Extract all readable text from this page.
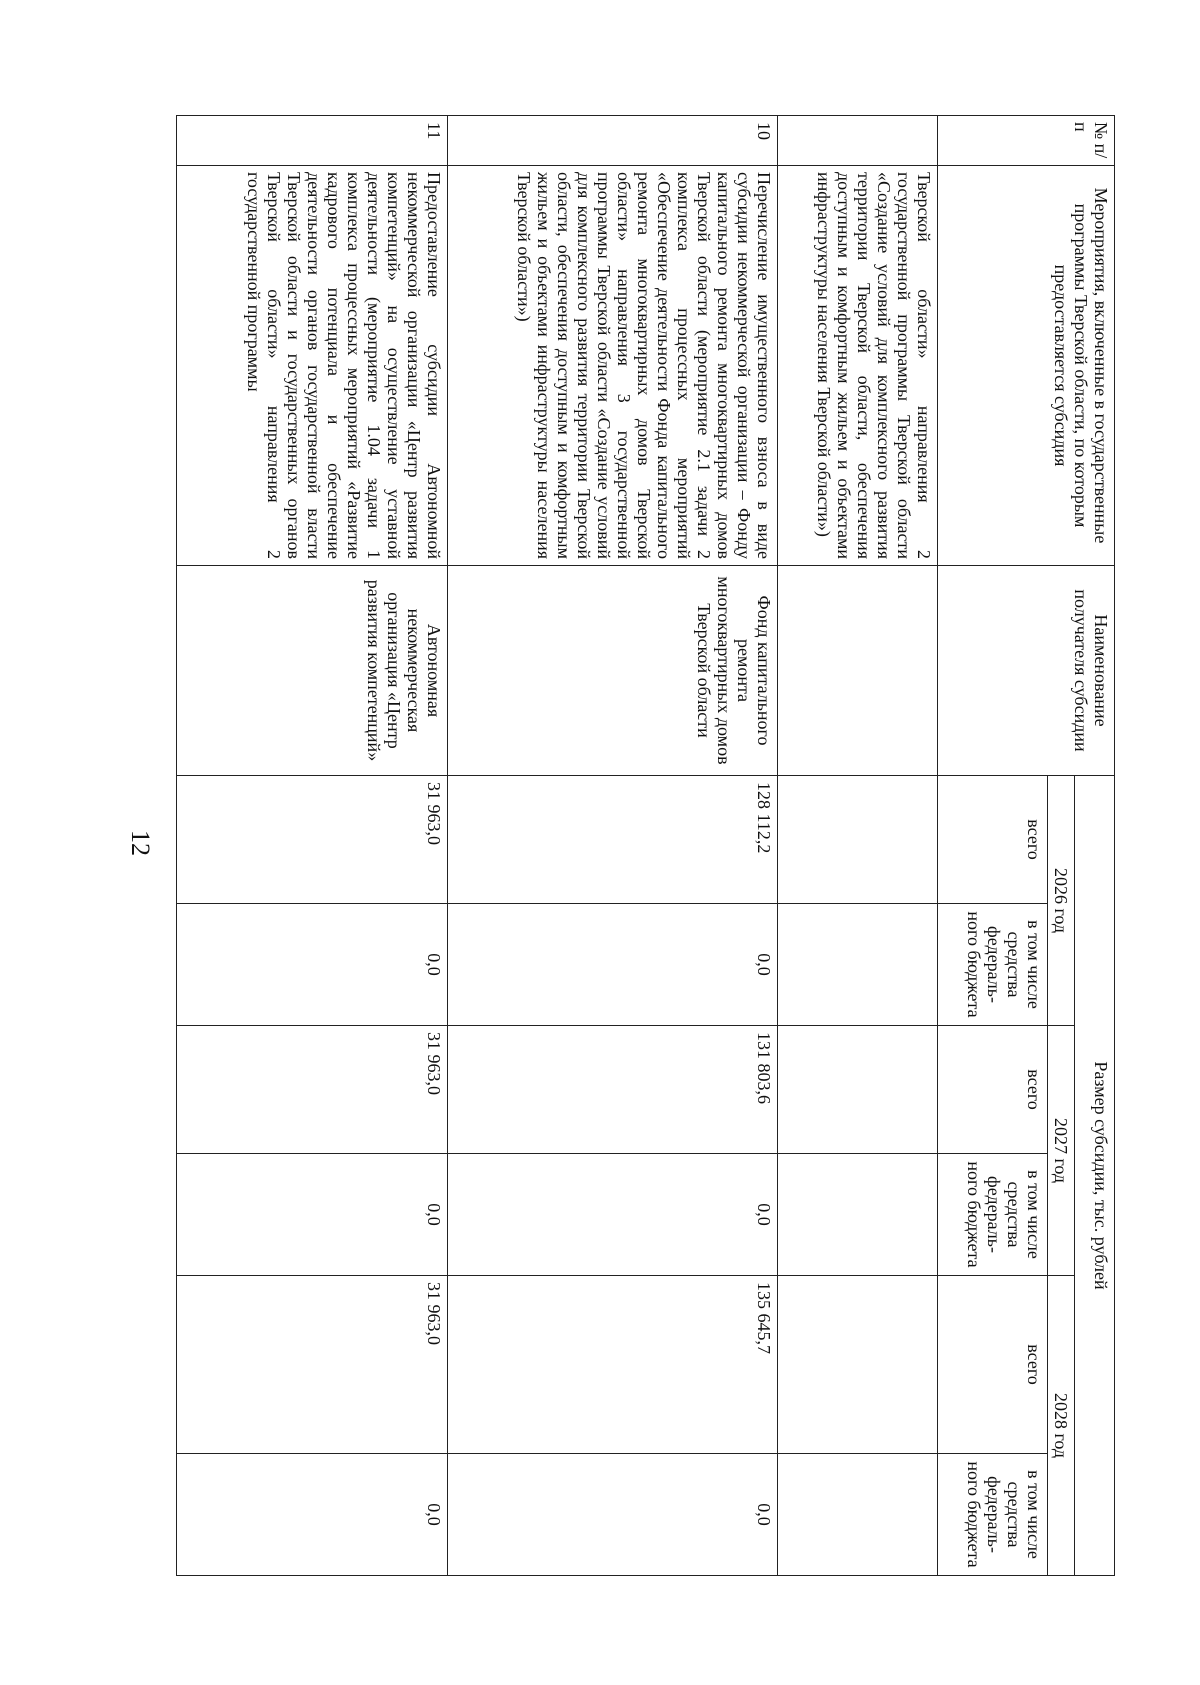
12
№ п/п	Мероприятия, включенные в государственные программы Тверской области, по которым предоставляется субсидия	Наименование получателя субсидии	Размер субсидии, тыс. рублей					
			2026 год		2027 год		2028 год	
			всего	в том числе средства федераль-ного бюджета	всего	в том числе средства федераль-ного бюджета	всего	в том числе средства федераль-ного бюджета
	Тверской области» направления 2 государственной программы Тверской области «Создание условий для комплексного развития территории Тверской области, обеспечения доступным и комфортным жильем и объектами инфраструктуры населения Тверской области»)							
10	Перечисление имущественного взноса в виде субсидии некоммерческой организации – Фонду капитального ремонта многоквартирных домов Тверской области (мероприятие 2.1 задачи 2 комплекса процессных мероприятий «Обеспечение деятельности Фонда капитального ремонта многоквартирных домов Тверской области» направления 3 государственной программы Тверской области «Создание условий для комплексного развития территории Тверской области, обеспечения доступным и комфортным жильем и объектами инфраструктуры населения Тверской области»)	Фонд капитального ремонта многоквартирных домов Тверской области	128 112,2	0,0	131 803,6	0,0	135 645,7	0,0
11	Предоставление субсидии Автономной некоммерческой организации «Центр развития компетенций» на осуществление уставной деятельности (мероприятие 1.04 задачи 1 комплекса процессных мероприятий «Развитие кадрового потенциала и обеспечение деятельности органов государственной власти Тверской области и государственных органов Тверской области» направления 2 государственной программы	Автономная некоммерческая организация «Центр развития компетенций»	31 963,0	0,0	31 963,0	0,0	31 963,0	0,0
